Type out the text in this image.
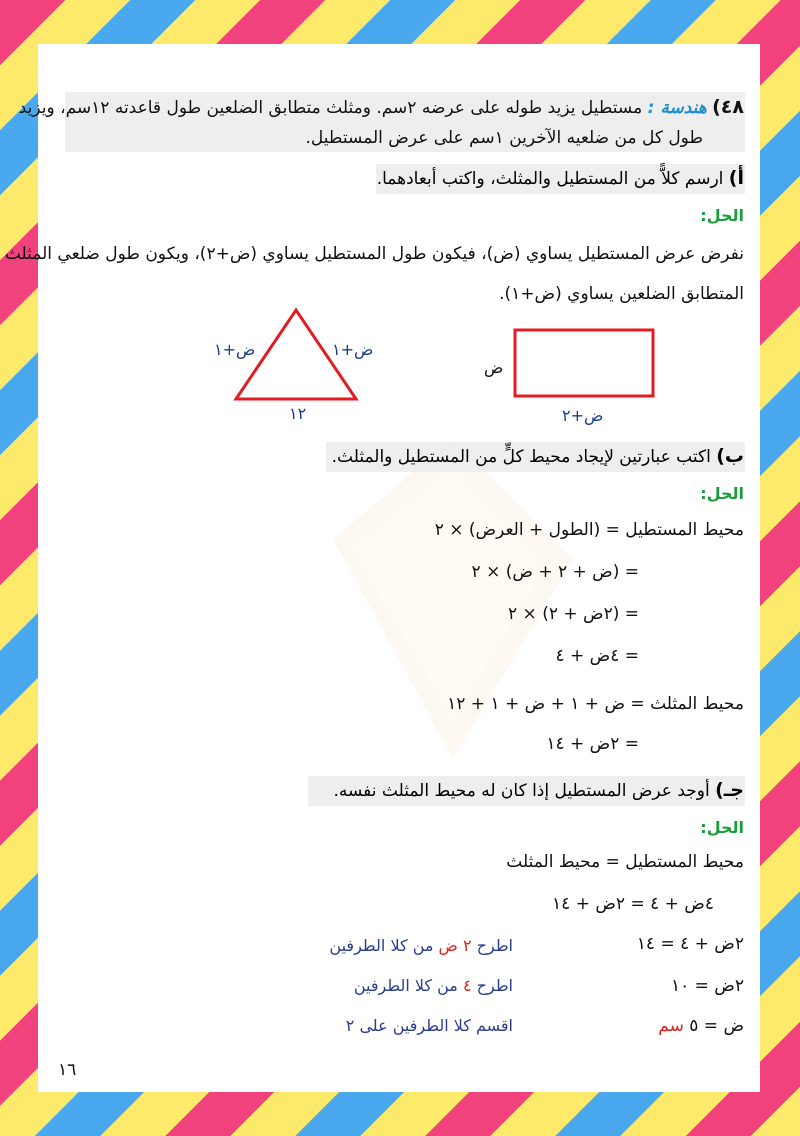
٤٨) هندسة : مستطيل يزيد طوله على عرضه ٢سم. ومثلث متطابق الضلعين طول قاعدته ١٢سم، ويزيد
طول كل من ضلعيه الآخرين ١سم على عرض المستطيل.
أ) ارسم كلاًّ من المستطيل والمثلث، واكتب أبعادهما.
الحل:
نفرض عرض المستطيل يساوي (ض)، فيكون طول المستطيل يساوي (ض+٢)، ويكون طول ضلعي المثلث
المتطابق الضلعين يساوي (ض+١).
ض+١	ض+١
١٢
ض
ض+٢
ب) اكتب عبارتين لإيجاد محيط كلٍّ من المستطيل والمثلث.
الحل:
محيط المستطيل = (الطول + العرض) × ٢
= (ض + ٢ + ض) × ٢
= (٢ض + ٢) × ٢
= ٤ض + ٤
محيط المثلث = ض + ١ + ض + ١ + ١٢
= ٢ض + ١٤
جـ) أوجد عرض المستطيل إذا كان له محيط المثلث نفسه.
الحل:
محيط المستطيل = محيط المثلث
٤ض + ٤ = ٢ض + ١٤
٢ض + ٤ = ١٤
٢ض = ١٠
ض = ٥ سم
اطرح ٢ ض من كلا الطرفين
اطرح ٤ من كلا الطرفين
اقسم كلا الطرفين على ٢
١٦
